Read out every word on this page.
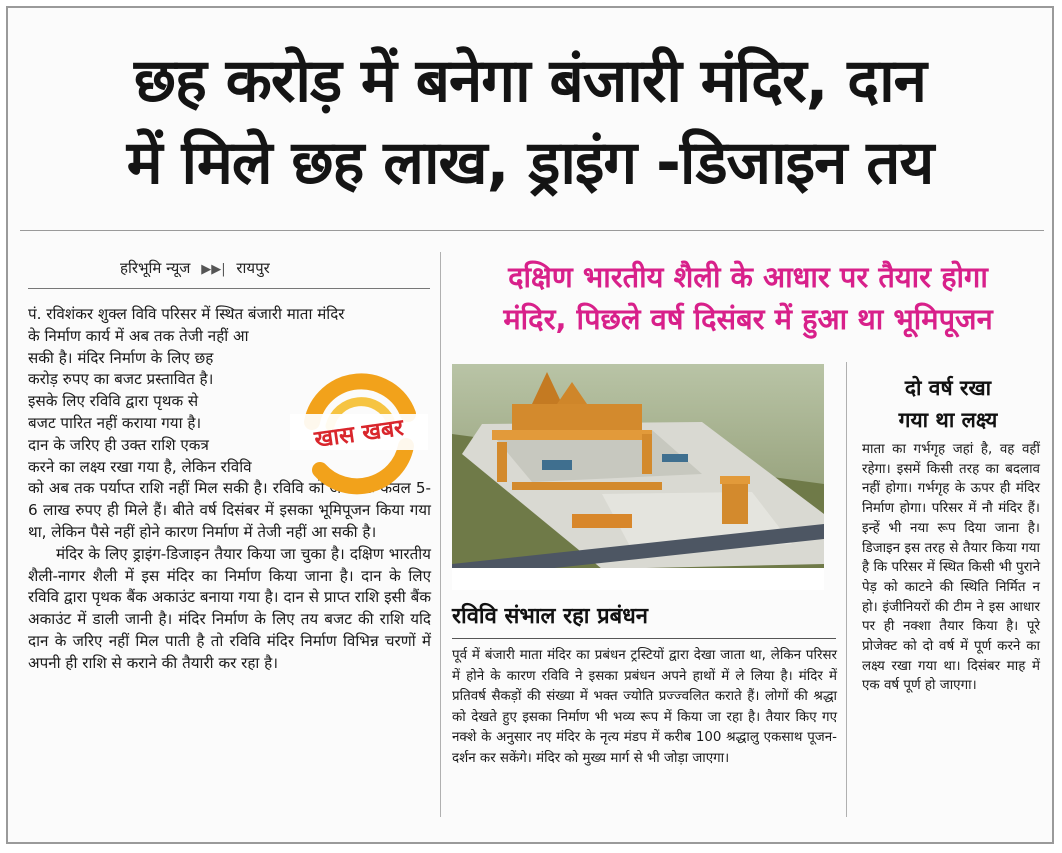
छह करोड़ में बनेगा बंजारी मंदिर, दान
में मिले छह लाख, ड्राइंग -डिजाइन तय
हरिभूमि न्यूज ▶▶| रायपुर

पं. रविशंकर शुक्ल विवि परिसर में स्थित बंजारी माता मंदिर
के निर्माण कार्य में अब तक तेजी नहीं आ
सकी है। मंदिर निर्माण के लिए छह
करोड़ रुपए का बजट प्रस्तावित है।
इसके लिए रविवि द्वारा पृथक से
बजट पारित नहीं कराया गया है।
दान के जरिए ही उक्त राशि एकत्र
करने का लक्ष्य रखा गया है, लेकिन रविवि
को अब तक पर्याप्त राशि नहीं मिल सकी है। रविवि को अब तक केवल 5-6 लाख रुपए ही मिले हैं। बीते वर्ष दिसंबर में इसका भूमिपूजन किया गया था, लेकिन पैसे नहीं होने कारण निर्माण में तेजी नहीं आ सकी है।

मंदिर के लिए ड्राइंग-डिजाइन तैयार किया जा चुका है। दक्षिण भारतीय शैली-नागर शैली में इस मंदिर का निर्माण किया जाना है। दान के लिए रविवि द्वारा पृथक बैंक अकाउंट बनाया गया है। दान से प्राप्त राशि इसी बैंक अकाउंट में डाली जानी है। मंदिर निर्माण के लिए तय बजट की राशि यदि दान के जरिए नहीं मिल पाती है तो रविवि मंदिर निर्माण विभिन्न चरणों में अपनी ही राशि से कराने की तैयारी कर रहा है।

खास खबर
दक्षिण भारतीय शैली के आधार पर तैयार होगा
मंदिर, पिछले वर्ष दिसंबर में हुआ था भूमिपूजन
रविवि संभाल रहा प्रबंधन
पूर्व में बंजारी माता मंदिर का प्रबंधन ट्रस्टियों द्वारा देखा जाता था, लेकिन परिसर में होने के कारण रविवि ने इसका प्रबंधन अपने हाथों में ले लिया है। मंदिर में प्रतिवर्ष सैकड़ों की संख्या में भक्त ज्योति प्रज्ज्वलित कराते हैं। लोगों की श्रद्धा को देखते हुए इसका निर्माण भी भव्य रूप में किया जा रहा है। तैयार किए गए नक्शे के अनुसार नए मंदिर के नृत्य मंडप में करीब 100 श्रद्धालु एकसाथ पूजन-दर्शन कर सकेंगे। मंदिर को मुख्य मार्ग से भी जोड़ा जाएगा।
दो वर्ष रखा
गया था लक्ष्य
माता का गर्भगृह जहां है, वह वहीं रहेगा। इसमें किसी तरह का बदलाव नहीं होगा। गर्भगृह के ऊपर ही मंदिर निर्माण होगा। परिसर में नौ मंदिर हैं। इन्हें भी नया रूप दिया जाना है। डिजाइन इस तरह से तैयार किया गया है कि परिसर में स्थित किसी भी पुराने पेड़ को काटने की स्थिति निर्मित न हो। इंजीनियरों की टीम ने इस आधार पर ही नक्शा तैयार किया है। पूरे प्रोजेक्ट को दो वर्ष में पूर्ण करने का लक्ष्य रखा गया था। दिसंबर माह में एक वर्ष पूर्ण हो जाएगा।
